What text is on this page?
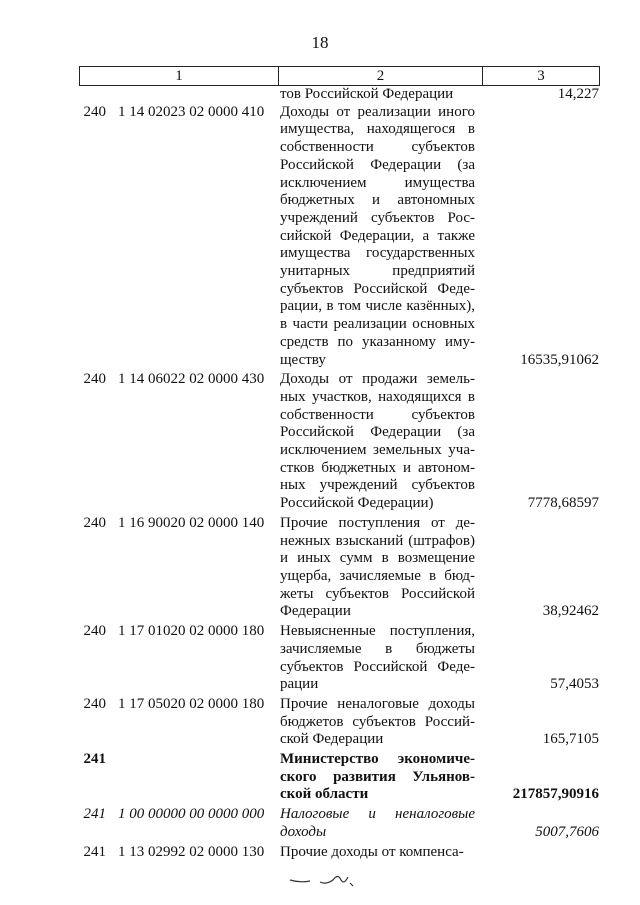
18
1	2	3
тов Российской Федерации	14,227
240 1 14 02023 02 0000 410	Доходы от реализации иного
имущества, находящегося в
собственности субъектов
Российской Федерации (за
исключением имущества
бюджетных и автономных
учреждений субъектов Рос-
сийской Федерации, а также
имущества государственных
унитарных предприятий
субъектов Российской Феде-
рации, в том числе казённых),
в части реализации основных
средств по указанному иму-
ществу	16535,91062
240 1 14 06022 02 0000 430	Доходы от продажи земель-
ных участков, находящихся в
собственности субъектов
Российской Федерации (за
исключением земельных уча-
стков бюджетных и автоном-
ных учреждений субъектов
Российской Федерации)	7778,68597
240 1 16 90020 02 0000 140	Прочие поступления от де-
нежных взысканий (штрафов)
и иных сумм в возмещение
ущерба, зачисляемые в бюд-
жеты субъектов Российской
Федерации	38,92462
240 1 17 01020 02 0000 180	Невыясненные поступления,
зачисляемые в бюджеты
субъектов Российской Феде-
рации	57,4053
240 1 17 05020 02 0000 180	Прочие неналоговые доходы
бюджетов субъектов Россий-
ской Федерации	165,7105
241	Министерство экономиче-
ского развития Ульянов-
ской области	217857,90916
241 1 00 00000 00 0000 000	Налоговые и неналоговые
доходы	5007,7606
241 1 13 02992 02 0000 130	Прочие доходы от компенса-
